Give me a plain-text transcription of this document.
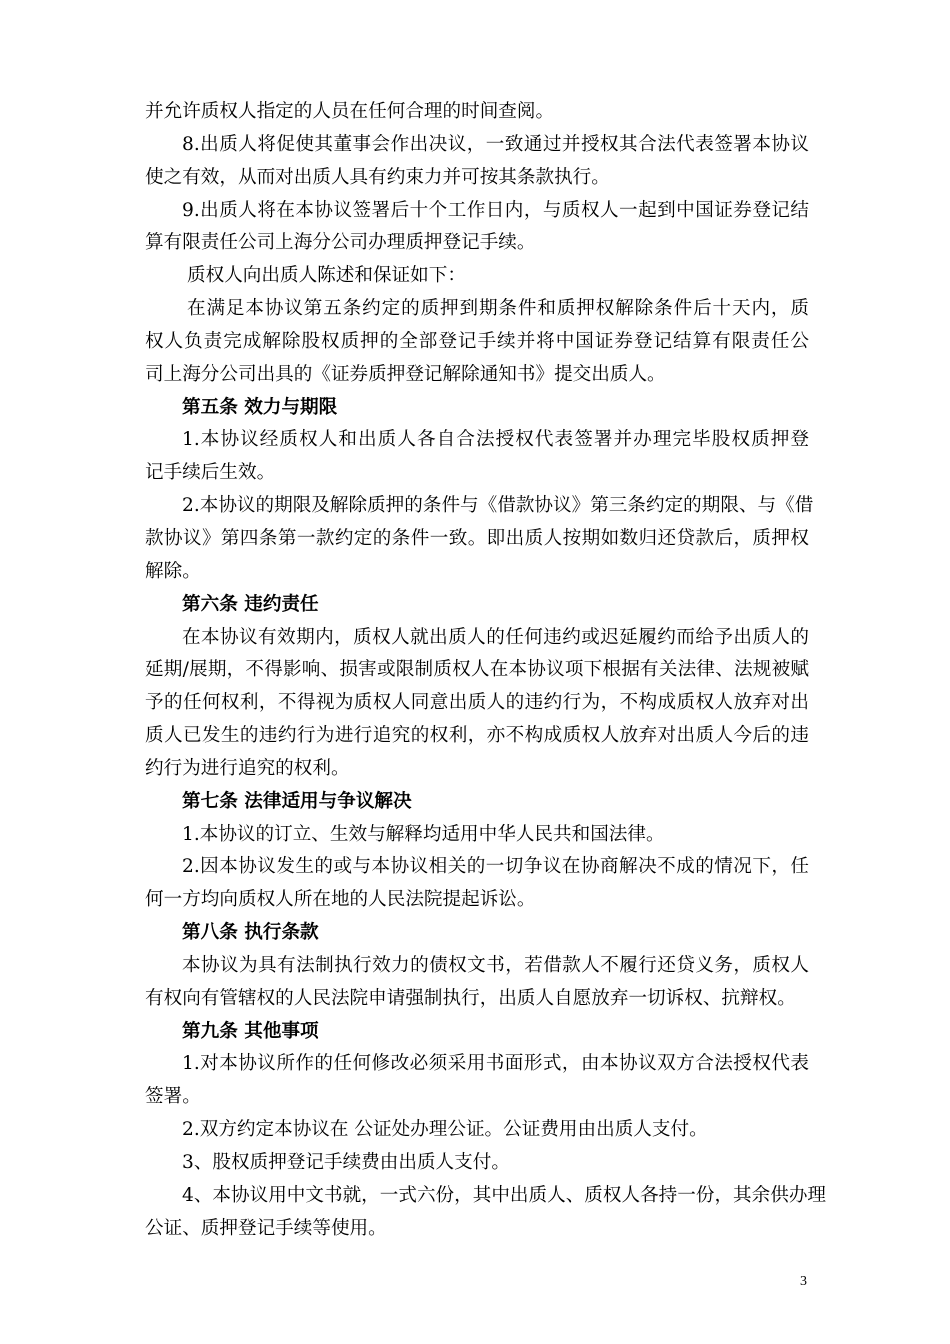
并允许质权人指定的人员在任何合理的时间查阅。
8.出质人将促使其董事会作出决议，一致通过并授权其合法代表签署本协议
使之有效，从而对出质人具有约束力并可按其条款执行。
9.出质人将在本协议签署后十个工作日内，与质权人一起到中国证券登记结
算有限责任公司上海分公司办理质押登记手续。
质权人向出质人陈述和保证如下：
在满足本协议第五条约定的质押到期条件和质押权解除条件后十天内，质
权人负责完成解除股权质押的全部登记手续并将中国证券登记结算有限责任公
司上海分公司出具的《证券质押登记解除通知书》提交出质人。
第五条 效力与期限
1.本协议经质权人和出质人各自合法授权代表签署并办理完毕股权质押登
记手续后生效。
2.本协议的期限及解除质押的条件与《借款协议》第三条约定的期限、与《借
款协议》第四条第一款约定的条件一致。即出质人按期如数归还贷款后，质押权
解除。
第六条 违约责任
在本协议有效期内，质权人就出质人的任何违约或迟延履约而给予出质人的
延期/展期，不得影响、损害或限制质权人在本协议项下根据有关法律、法规被赋
予的任何权利，不得视为质权人同意出质人的违约行为，不构成质权人放弃对出
质人已发生的违约行为进行追究的权利，亦不构成质权人放弃对出质人今后的违
约行为进行追究的权利。
第七条 法律适用与争议解决
1.本协议的订立、生效与解释均适用中华人民共和国法律。
2.因本协议发生的或与本协议相关的一切争议在协商解决不成的情况下，任
何一方均向质权人所在地的人民法院提起诉讼。
第八条 执行条款
本协议为具有法制执行效力的债权文书，若借款人不履行还贷义务，质权人
有权向有管辖权的人民法院申请强制执行，出质人自愿放弃一切诉权、抗辩权。
第九条 其他事项
1.对本协议所作的任何修改必须采用书面形式，由本协议双方合法授权代表
签署。
2.双方约定本协议在 公证处办理公证。公证费用由出质人支付。
3、股权质押登记手续费由出质人支付。
4、本协议用中文书就，一式六份，其中出质人、质权人各持一份，其余供办理
公证、质押登记手续等使用。
3
